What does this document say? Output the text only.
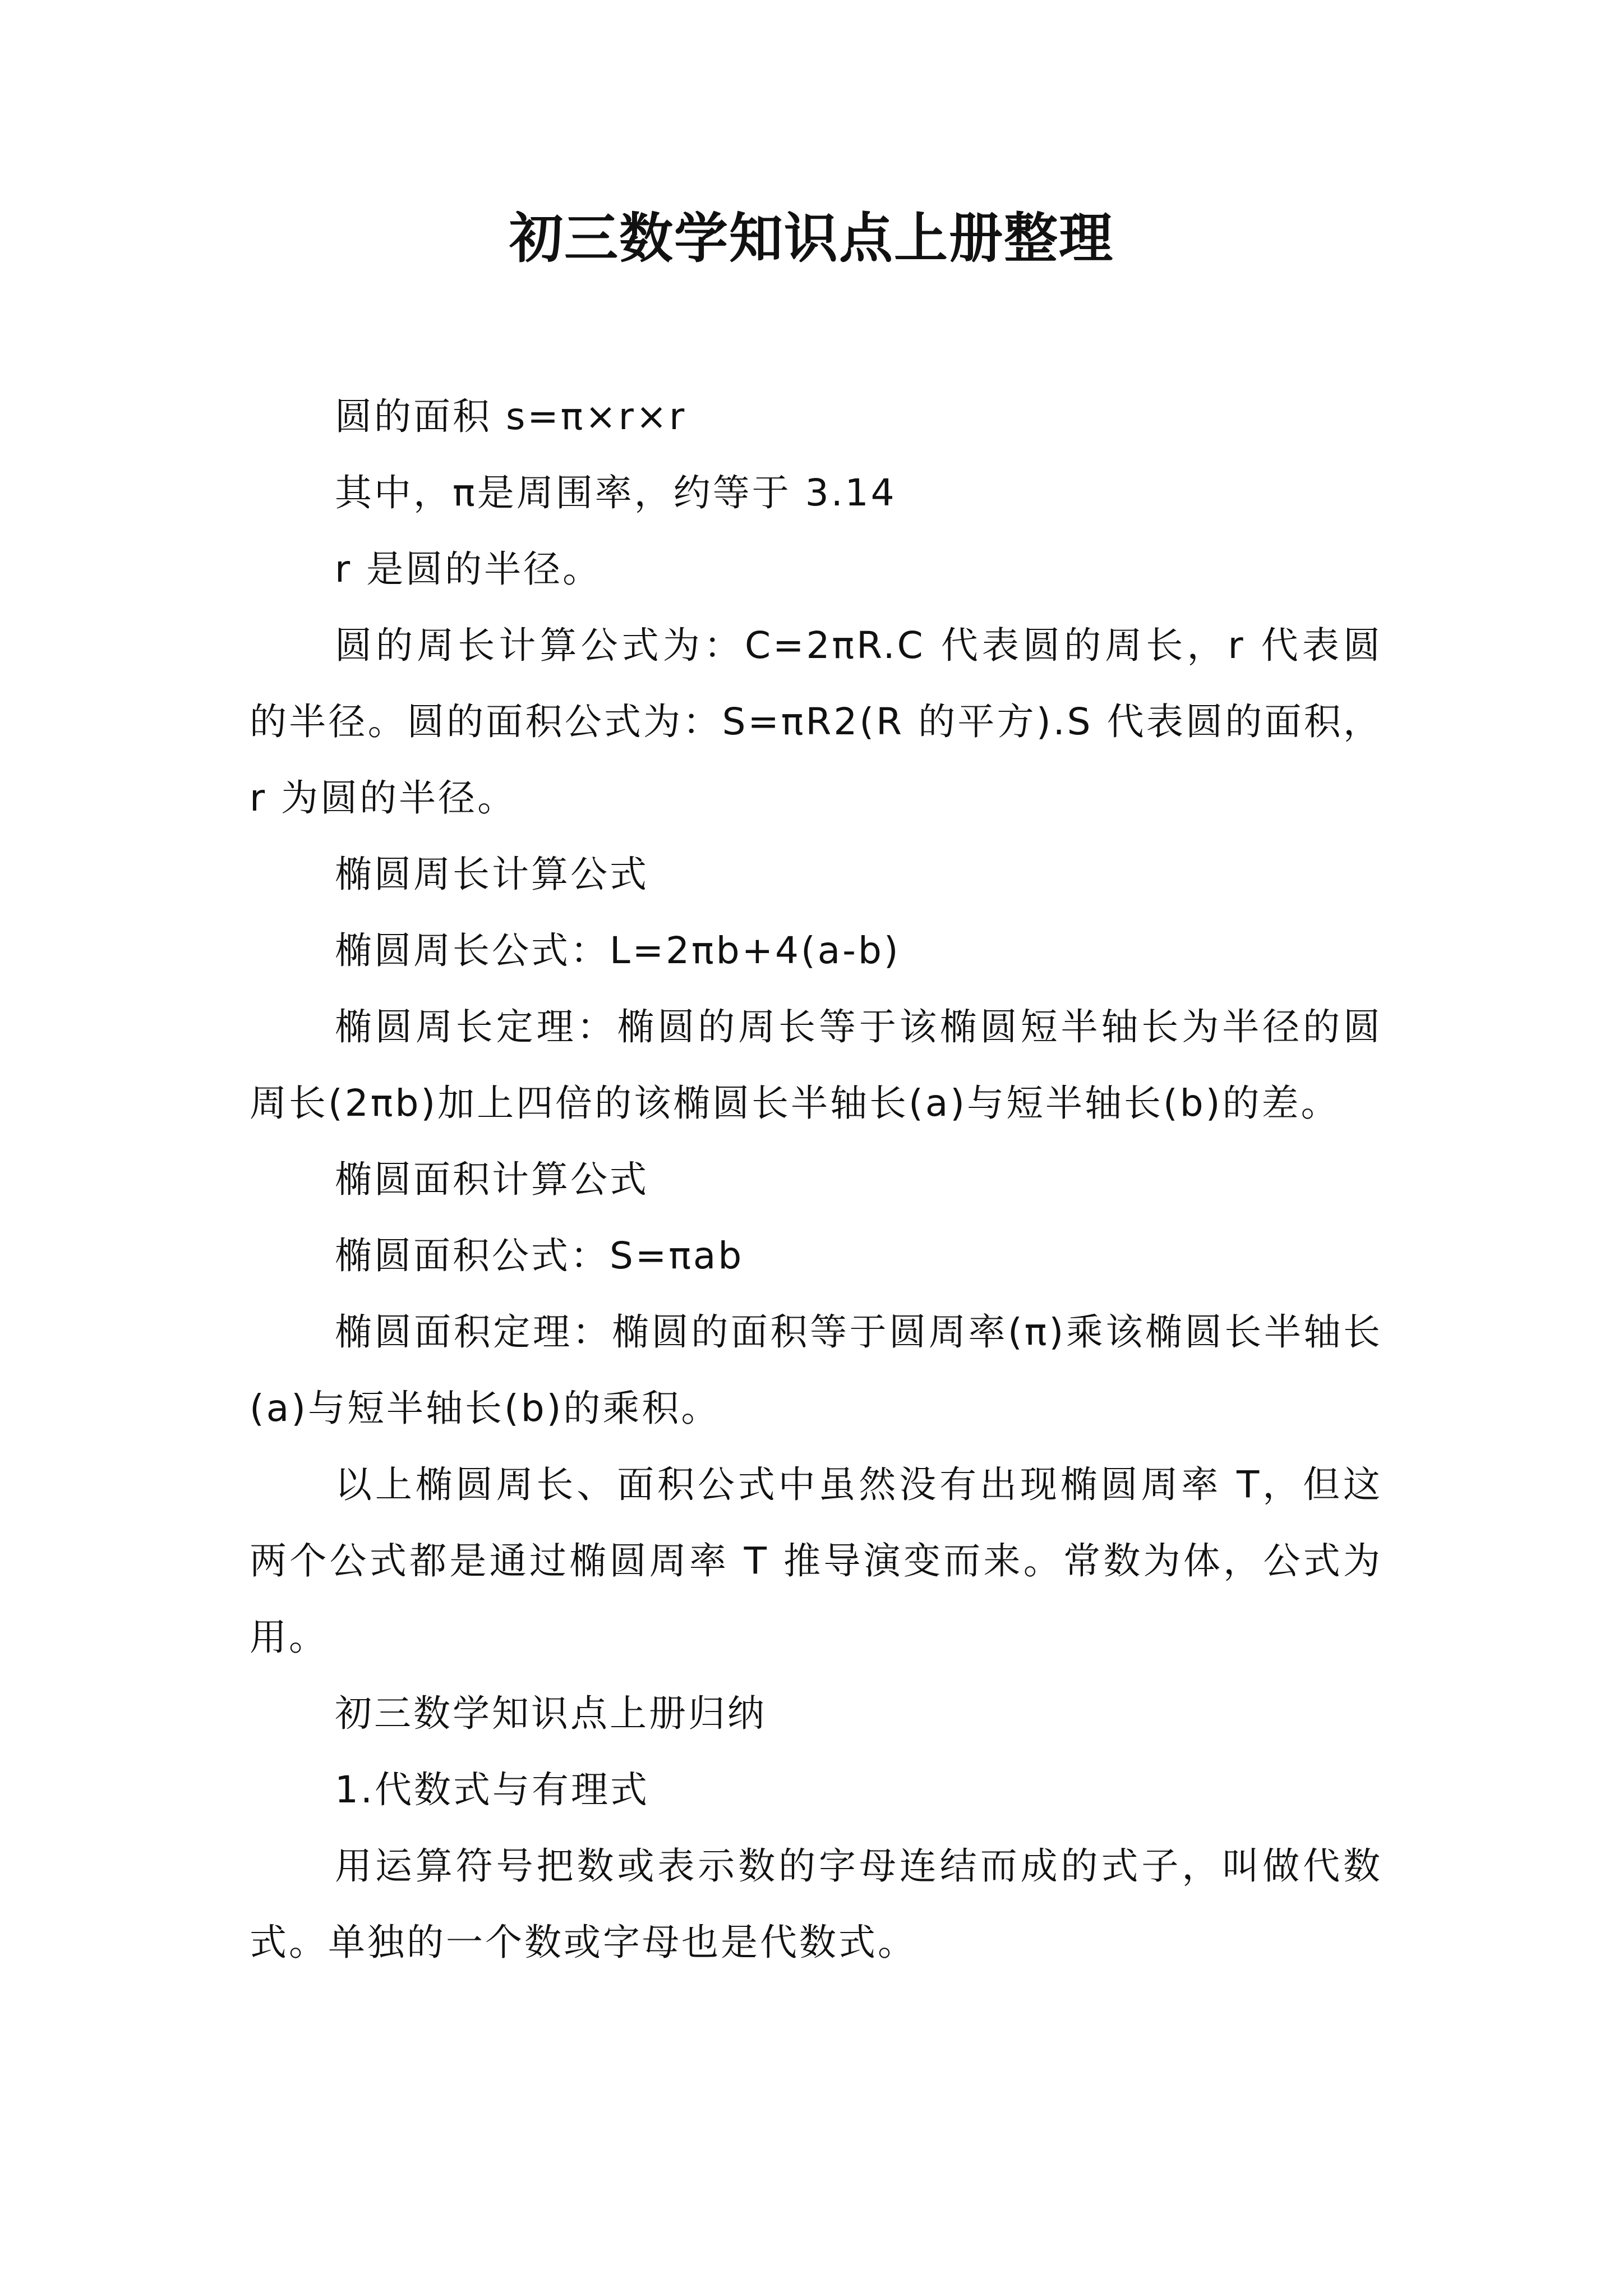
初三数学知识点上册整理

圆的面积 s=π×r×r

其中，π是周围率，约等于 3.14

r 是圆的半径。

圆的周长计算公式为：C=2πR.C 代表圆的周长，r 代表圆的半径。圆的面积公式为：S=πR2(R 的平方).S 代表圆的面积，r 为圆的半径。

椭圆周长计算公式

椭圆周长公式：L=2πb+4(a-b)

椭圆周长定理：椭圆的周长等于该椭圆短半轴长为半径的圆周长(2πb)加上四倍的该椭圆长半轴长(a)与短半轴长(b)的差。

椭圆面积计算公式

椭圆面积公式：S=πab

椭圆面积定理：椭圆的面积等于圆周率(π)乘该椭圆长半轴长(a)与短半轴长(b)的乘积。

以上椭圆周长、面积公式中虽然没有出现椭圆周率 T，但这两个公式都是通过椭圆周率 T 推导演变而来。常数为体，公式为用。

初三数学知识点上册归纳

1.代数式与有理式

用运算符号把数或表示数的字母连结而成的式子，叫做代数式。单独的一个数或字母也是代数式。
